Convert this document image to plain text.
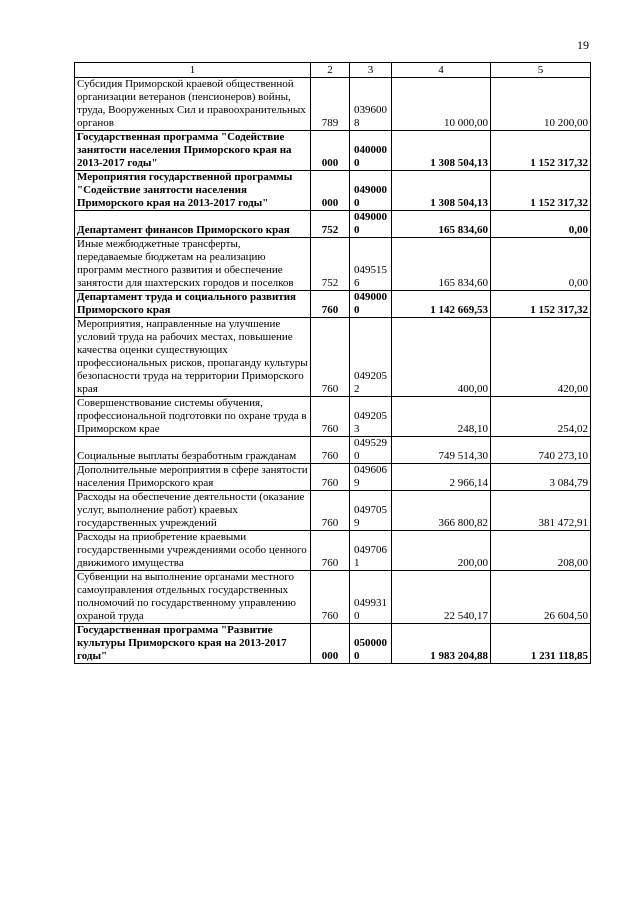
19
1	2	3	4	5
Субсидия Приморской краевой общественной организации ветеранов (пенсионеров) войны, труда, Вооруженных Сил и правоохранительных органов	789	0396008	10 000,00	10 200,00
Государственная программа "Содействие занятости населения Приморского края на 2013-2017 годы"	000	0400000	1 308 504,13	1 152 317,32
Мероприятия государственной программы "Содействие занятости населения Приморского края на 2013-2017 годы"	000	0490000	1 308 504,13	1 152 317,32
Департамент финансов Приморского края	752	0490000	165 834,60	0,00
Иные межбюджетные трансферты, передаваемые бюджетам на реализацию программ местного развития и обеспечение занятости для шахтерских городов и поселков	752	0495156	165 834,60	0,00
Департамент труда и социального развития Приморского края	760	0490000	1 142 669,53	1 152 317,32
Мероприятия, направленные на улучшение условий труда на рабочих местах, повышение качества оценки существующих профессиональных рисков, пропаганду культуры безопасности труда на территории Приморского края	760	0492052	400,00	420,00
Совершенствование системы обучения, профессиональной подготовки по охране труда в Приморском крае	760	0492053	248,10	254,02
Социальные выплаты безработным гражданам	760	0495290	749 514,30	740 273,10
Дополнительные мероприятия в сфере занятости населения Приморского края	760	0496069	2 966,14	3 084,79
Расходы на обеспечение деятельности (оказание услуг, выполнение работ) краевых государственных учреждений	760	0497059	366 800,82	381 472,91
Расходы на приобретение краевыми государственными учреждениями особо ценного движимого имущества	760	0497061	200,00	208,00
Субвенции на выполнение органами местного самоуправления отдельных государственных полномочий по государственному управлению охраной труда	760	0499310	22 540,17	26 604,50
Государственная программа "Развитие культуры Приморского края на 2013-2017 годы"	000	0500000	1 983 204,88	1 231 118,85
